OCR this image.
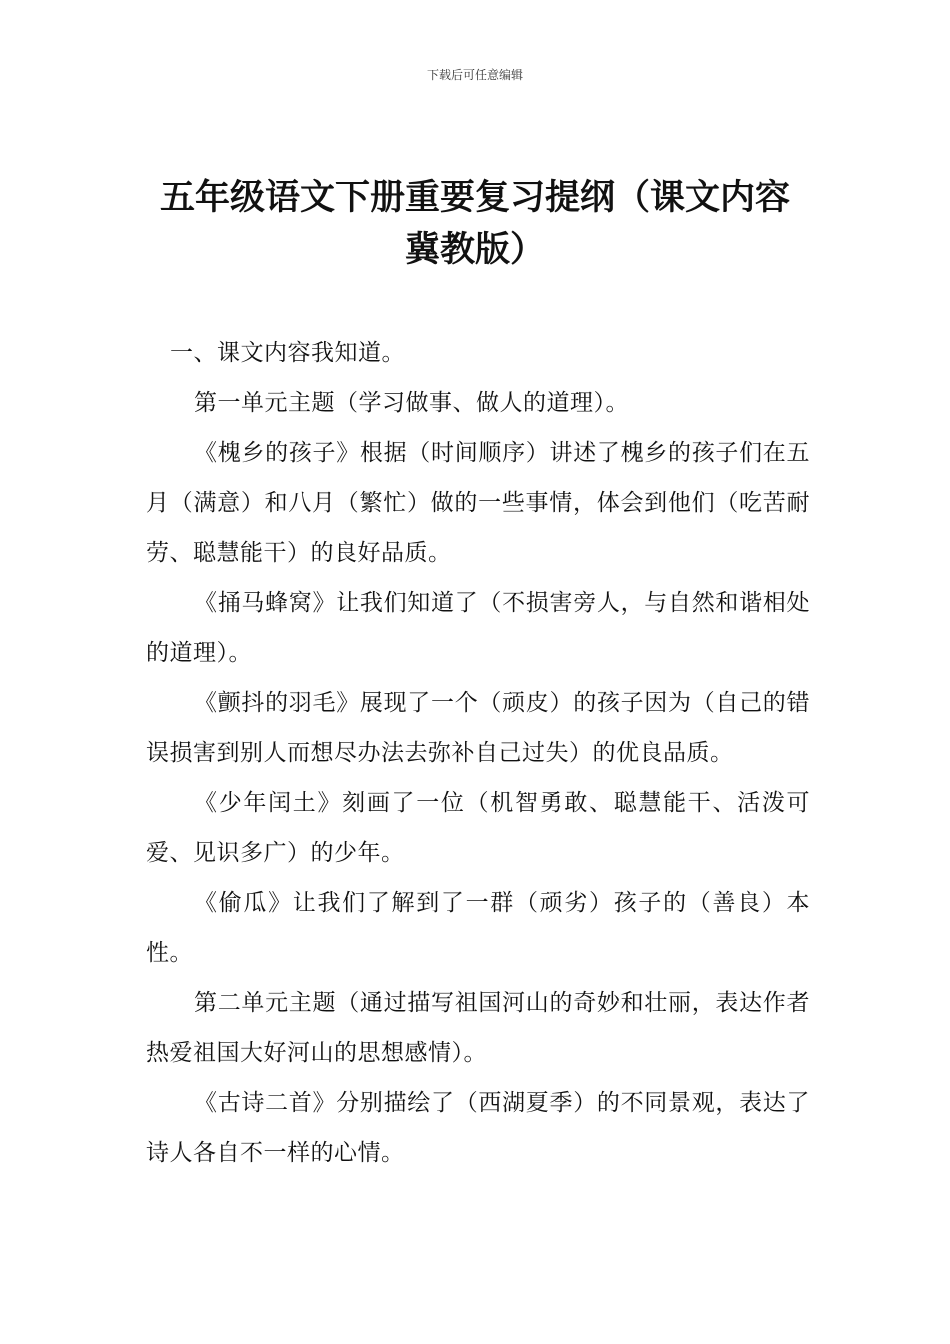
下载后可任意编辑
五年级语文下册重要复习提纲（课文内容
冀教版）

一、课文内容我知道。

第一单元主题（学习做事、做人的道理）。

《槐乡的孩子》根据（时间顺序）讲述了槐乡的孩子们在五月（满意）和八月（繁忙）做的一些事情，体会到他们（吃苦耐劳、聪慧能干）的良好品质。

《捅马蜂窝》让我们知道了（不损害旁人，与自然和谐相处的道理）。

《颤抖的羽毛》展现了一个（顽皮）的孩子因为（自己的错误损害到别人而想尽办法去弥补自己过失）的优良品质。

《少年闰土》刻画了一位（机智勇敢、聪慧能干、活泼可爱、见识多广）的少年。

《偷瓜》让我们了解到了一群（顽劣）孩子的（善良）本性。

第二单元主题（通过描写祖国河山的奇妙和壮丽，表达作者热爱祖国大好河山的思想感情）。

《古诗二首》分别描绘了（西湖夏季）的不同景观，表达了诗人各自不一样的心情。
